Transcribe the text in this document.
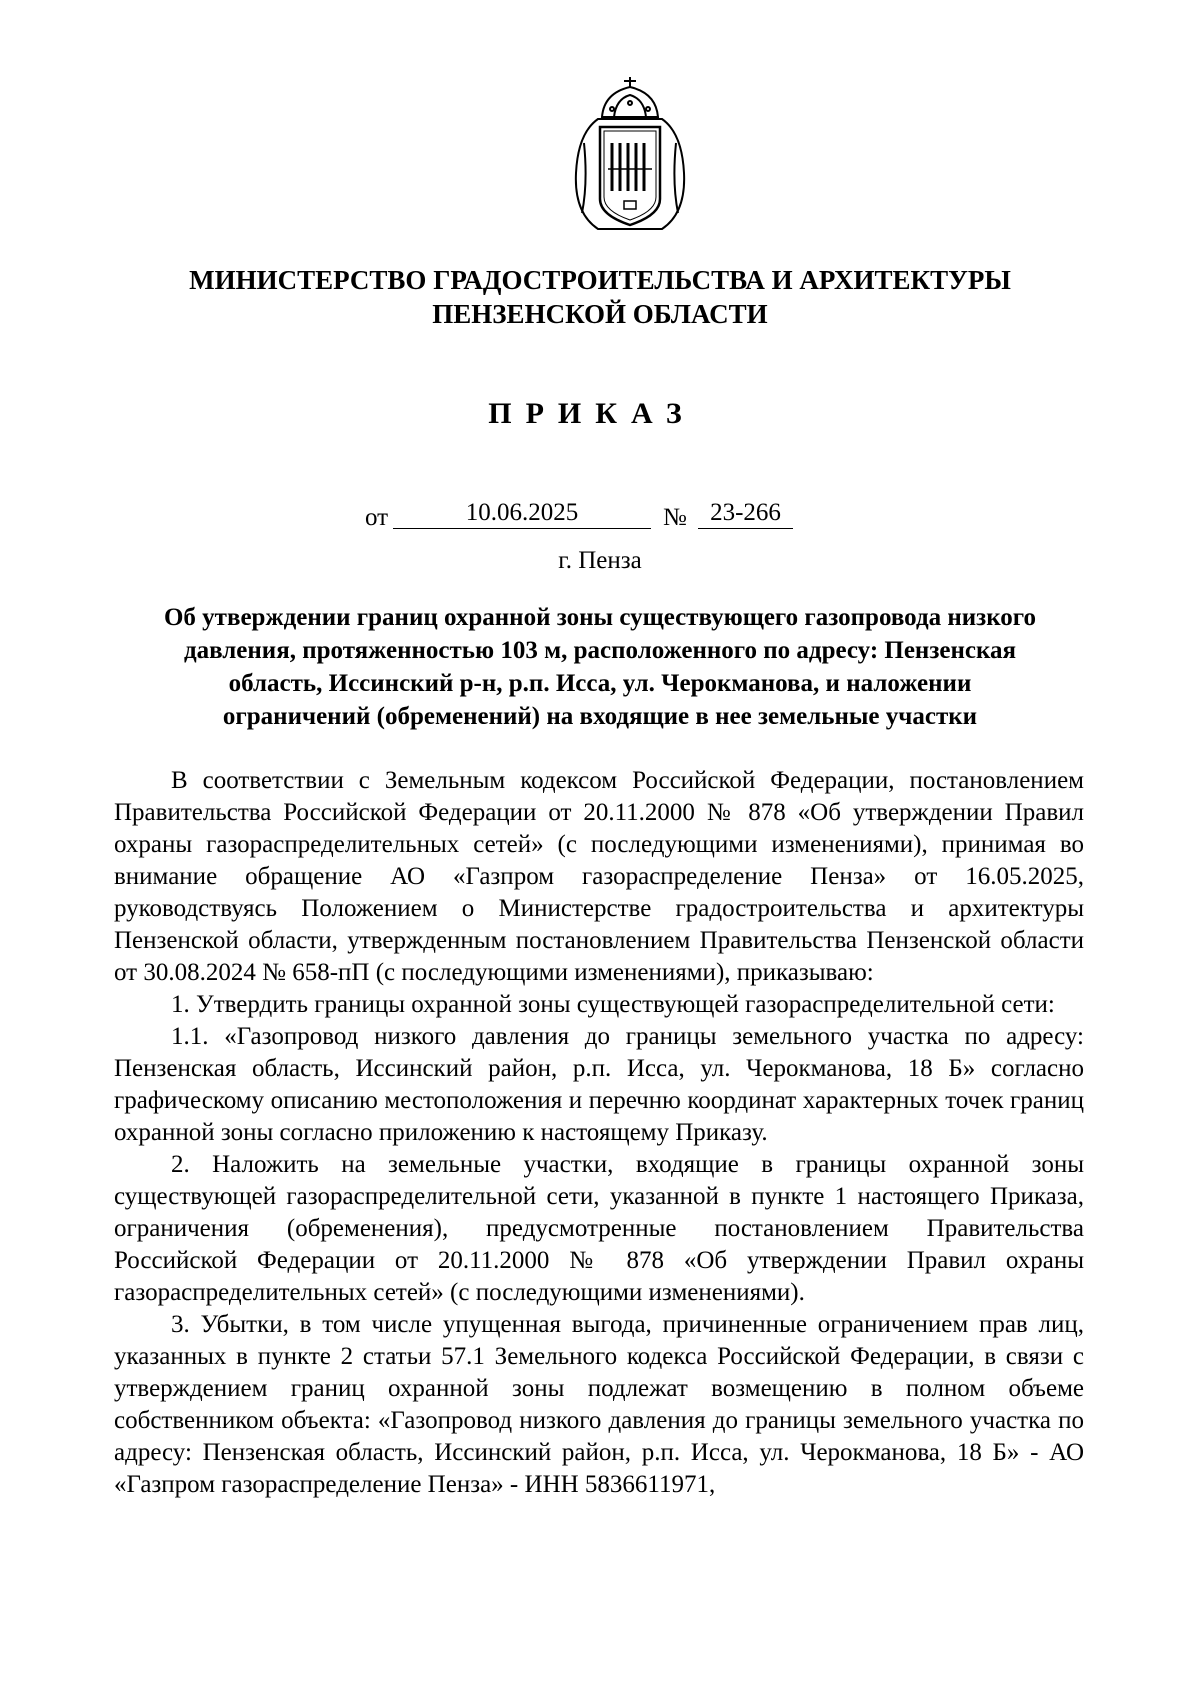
МИНИСТЕРСТВО ГРАДОСТРОИТЕЛЬСТВА И АРХИТЕКТУРЫ
ПЕНЗЕНСКОЙ ОБЛАСТИ
ПРИКАЗ
от	10.06.2025	№ 23-266
г. Пенза
Об утверждении границ охранной зоны существующего газопровода низкого
давления, протяженностью 103 м, расположенного по адресу: Пензенская
область, Иссинский р-н, р.п. Исса, ул. Черокманова, и наложении
ограничений (обременений) на входящие в нее земельные участки

В соответствии с Земельным кодексом Российской Федерации, постановлением Правительства Российской Федерации от 20.11.2000 № 878 «Об утверждении Правил охраны газораспределительных сетей» (с последующими изменениями), принимая во внимание обращение АО «Газпром газораспределение Пенза» от 16.05.2025, руководствуясь Положением о Министерстве градостроительства и архитектуры Пензенской области, утвержденным постановлением Правительства Пензенской области от 30.08.2024 № 658-пП (с последующими изменениями), приказываю:

1. Утвердить границы охранной зоны существующей газораспределительной сети:

1.1. «Газопровод низкого давления до границы земельного участка по адресу: Пензенская область, Иссинский район, р.п. Исса, ул. Черокманова, 18 Б» согласно графическому описанию местоположения и перечню координат характерных точек границ охранной зоны согласно приложению к настоящему Приказу.

2. Наложить на земельные участки, входящие в границы охранной зоны существующей газораспределительной сети, указанной в пункте 1 настоящего Приказа, ограничения (обременения), предусмотренные постановлением Правительства Российской Федерации от 20.11.2000 № 878 «Об утверждении Правил охраны газораспределительных сетей» (с последующими изменениями).

3. Убытки, в том числе упущенная выгода, причиненные ограничением прав лиц, указанных в пункте 2 статьи 57.1 Земельного кодекса Российской Федерации, в связи с утверждением границ охранной зоны подлежат возмещению в полном объеме собственником объекта: «Газопровод низкого давления до границы земельного участка по адресу: Пензенская область, Иссинский район, р.п. Исса, ул. Черокманова, 18 Б» - АО «Газпром газораспределение Пенза» - ИНН 5836611971,
